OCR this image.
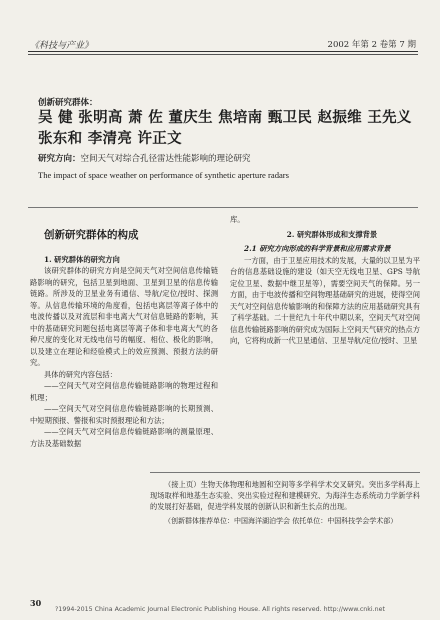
《科技与产业》	2002 年第 2 卷第 7 期
创新研究群体：
吴 健 张明高 萧 佐 董庆生 焦培南 甄卫民 赵振维 王先义 张东和 李清亮 许正文
研究方向：空间天气对综合孔径雷达性能影响的理论研究
The impact of space weather on performance of synthetic aperture radars

创新研究群体的构成

1. 研究群体的研究方向

该研究群体的研究方向是空间天气对空间信息传输链路影响的研究，包括卫星到地面、卫星到卫星的信息传输链路。所涉及的卫星业务有通信、导航/定位/授时、探测等。从信息传输环境的角度看，包括电离层等离子体中的电波传播以及对流层和非电离大气对信息链路的影响，其中的基础研究问题包括电离层等离子体和非电离大气的各种尺度的变化对无线电信号的幅度、相位、极化的影响，以及建立在理论和经验模式上的效应预测、预报方法的研究。

具体的研究内容包括：

——空间天气对空间信息传输链路影响的物理过程和机理；

——空间天气对空间信息传输链路影响的长期预测、中短期预报、警报和实时预报理论和方法；

——空间天气对空间信息传输链路影响的测量原理、方法及基础数据

库。

2. 研究群体形成和支撑背景

2.1 研究方向形成的科学背景和应用需求背景

一方面，由于卫星应用技术的发展，大量的以卫星为平台的信息基础设施的建设（如天空无线电卫星、GPS 导航定位卫星、数据中继卫星等），需要空间天气的保障。另一方面，由于电波传播和空间物理基础研究的进展，使得空间天气对空间信息传输影响的和保障方法的应用基础研究具有了科学基础。二十世纪九十年代中期以来，空间天气对空间信息传输链路影响的研究成为国际上空间天气研究的热点方向，它将构成新一代卫星通信、卫星导航/定位/授时、卫星

（接上页）生物天体物理和地圆和空间等多学科学术交叉研究。突出多学科海上现场取样和地基生态实验、突出实验过程和建模研究、为海洋生态系统动力学新学科的发展打好基础，促进学科发展的创新认识和新生长点的出现。

（创新群体推荐单位：中国海洋湖泊学会 依托单位：中国科技学会学术部）

30
?1994-2015 China Academic Journal Electronic Publishing House. All rights reserved. http://www.cnki.net
